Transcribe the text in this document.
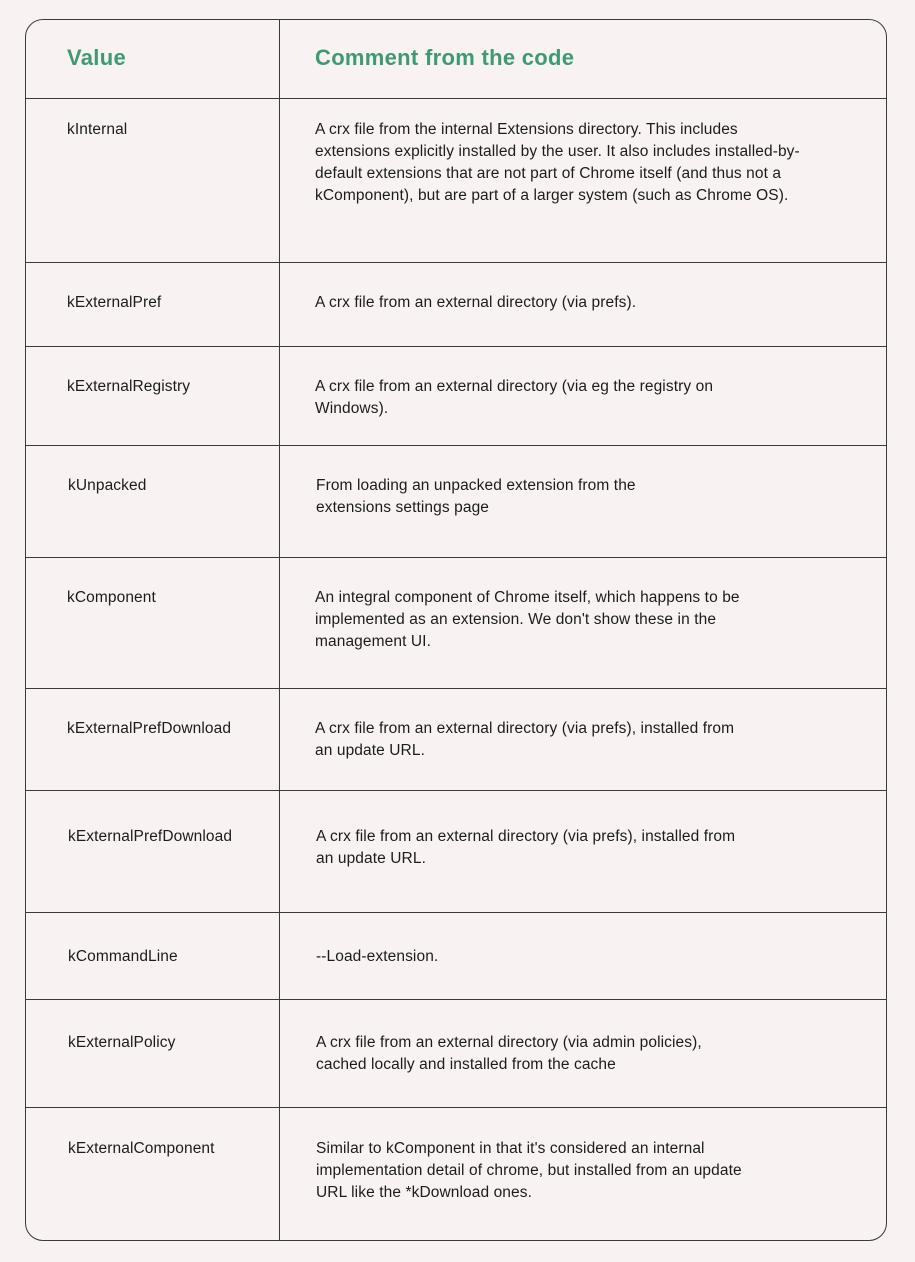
Value	Comment from the code
kInternal	A crx file from the internal Extensions directory. This includes extensions explicitly installed by the user. It also includes installed-by-default extensions that are not part of Chrome itself (and thus not a kComponent), but are part of a larger system (such as Chrome OS).
kExternalPref	A crx file from an external directory (via prefs).
kExternalRegistry	A crx file from an external directory (via eg the registry on Windows).
kUnpacked	From loading an unpacked extension from the extensions settings page
kComponent	An integral component of Chrome itself, which happens to be implemented as an extension. We don't show these in the management UI.
kExternalPrefDownload	A crx file from an external directory (via prefs), installed from an update URL.
kExternalPrefDownload	A crx file from an external directory (via prefs), installed from an update URL.
kCommandLine	--Load-extension.
kExternalPolicy	A crx file from an external directory (via admin policies), cached locally and installed from the cache
kExternalComponent	Similar to kComponent in that it's considered an internal implementation detail of chrome, but installed from an update URL like the *kDownload ones.
